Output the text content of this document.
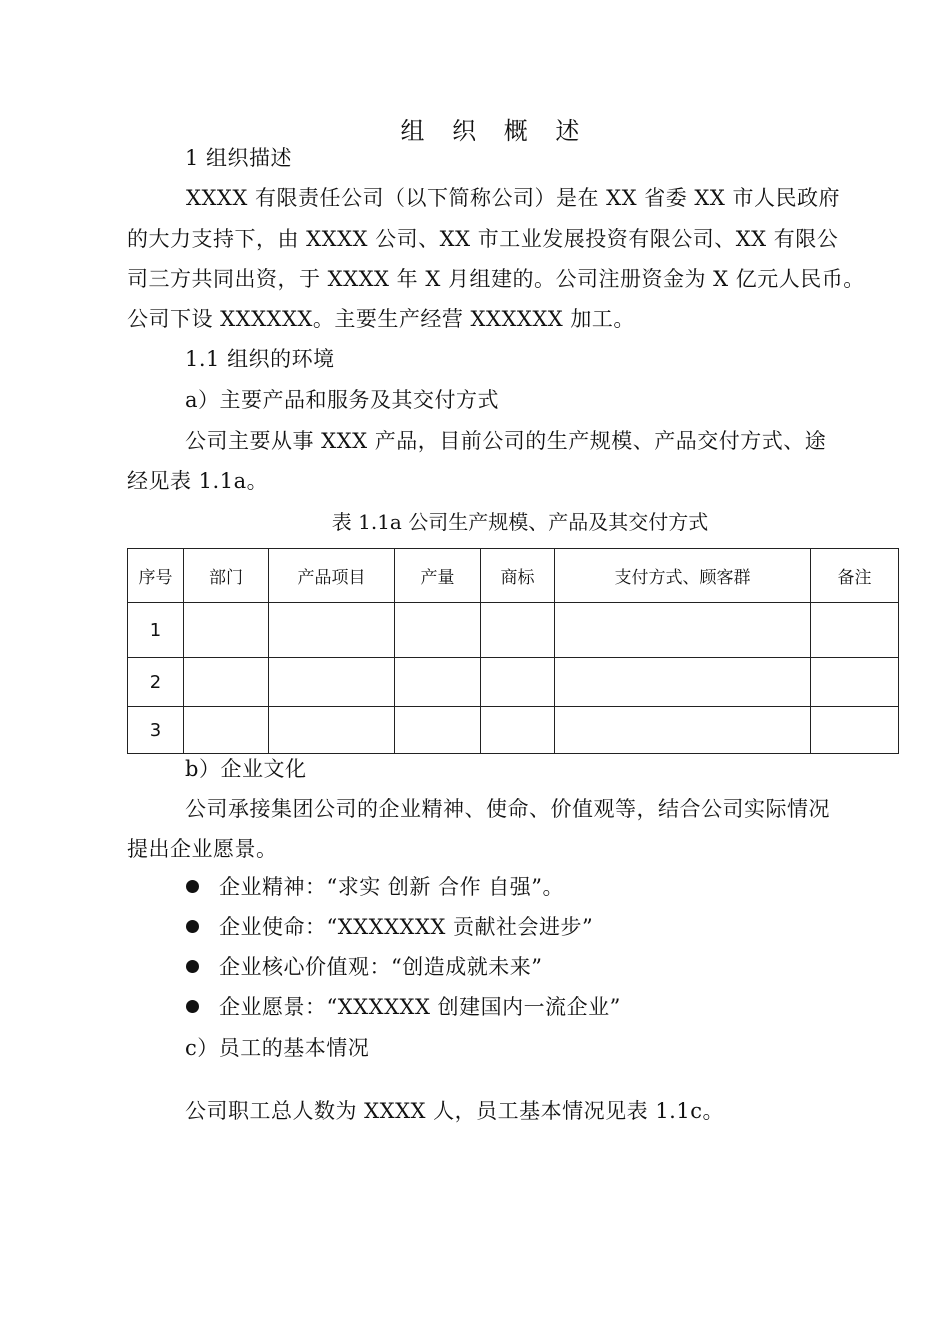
组 织 概 述
1 组织描述
XXXX 有限责任公司（以下简称公司）是在 XX 省委 XX 市人民政府
的大力支持下，由 XXXX 公司、XX 市工业发展投资有限公司、XX 有限公
司三方共同出资，于 XXXX 年 X 月组建的。公司注册资金为 X 亿元人民币。
公司下设 XXXXXX。主要生产经营 XXXXXX 加工。
1.1 组织的环境
a）主要产品和服务及其交付方式
公司主要从事 XXX 产品，目前公司的生产规模、产品交付方式、途
经见表 1.1a。
表 1.1a 公司生产规模、产品及其交付方式
序号	部门	产品项目	产量	商标	支付方式、顾客群	备注
1						
2						
3						
b）企业文化
公司承接集团公司的企业精神、使命、价值观等，结合公司实际情况
提出企业愿景。
企业精神：“求实 创新 合作 自强”。
企业使命：“XXXXXXX 贡献社会进步”
企业核心价值观：“创造成就未来”
企业愿景：“XXXXXX 创建国内一流企业”
c）员工的基本情况
公司职工总人数为 XXXX 人，员工基本情况见表 1.1c。
